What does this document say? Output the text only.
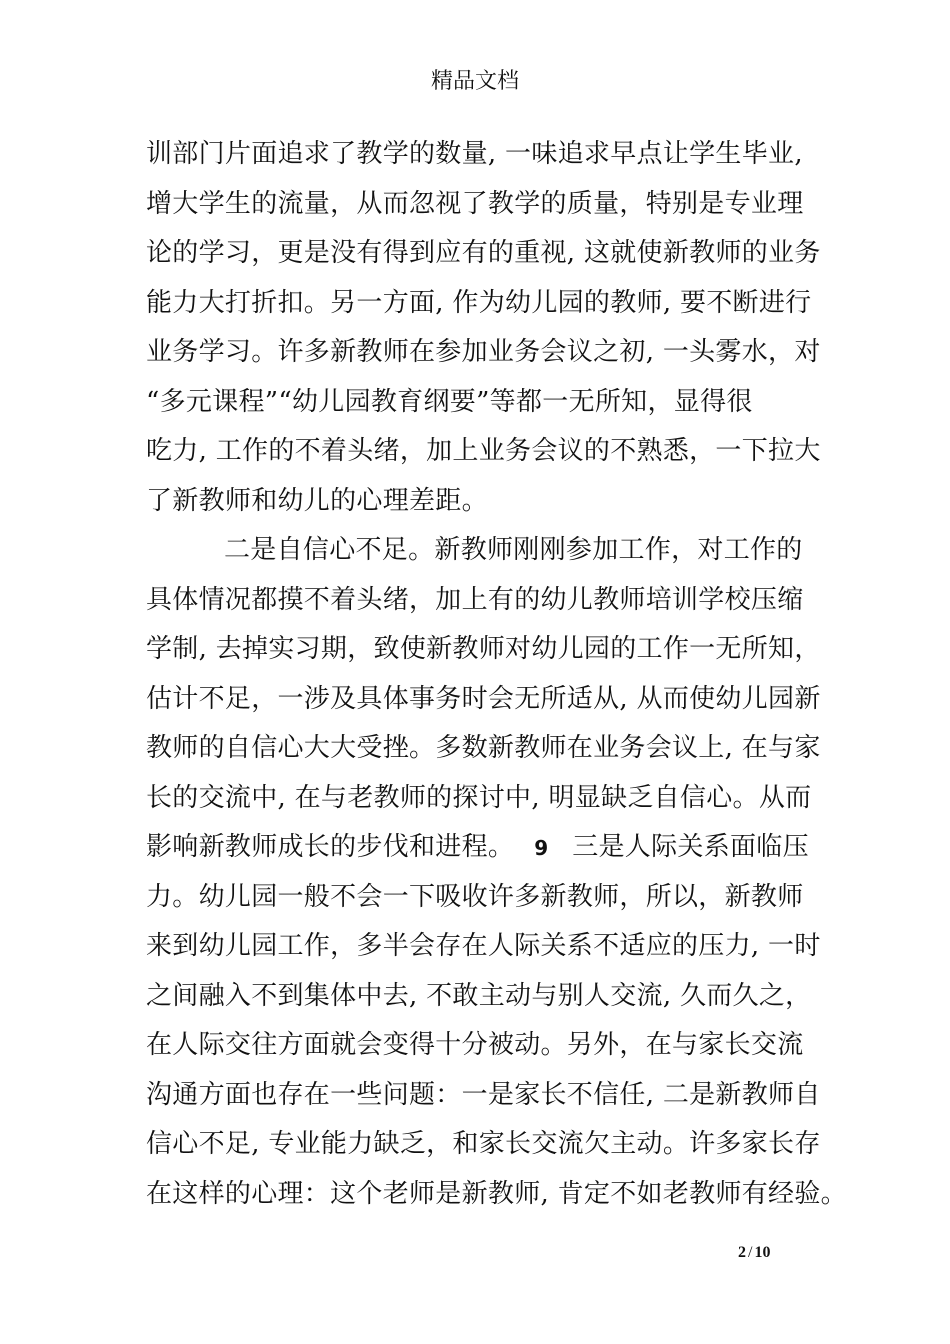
精品文档
训部门片面追求了教学的数量, 一味追求早点让学生毕业,
增大学生的流量，从而忽视了教学的质量，特别是专业理
论的学习，更是没有得到应有的重视, 这就使新教师的业务
能力大打折扣。另一方面, 作为幼儿园的教师, 要不断进行
业务学习。许多新教师在参加业务会议之初, 一头雾水，对
“多元课程”“幼儿园教育纲要”等都一无所知，显得很
吃力, 工作的不着头绪，加上业务会议的不熟悉，一下拉大
了新教师和幼儿的心理差距。
二是自信心不足。新教师刚刚参加工作，对工作的
具体情况都摸不着头绪，加上有的幼儿教师培训学校压缩
学制, 去掉实习期，致使新教师对幼儿园的工作一无所知，
估计不足，一涉及具体事务时会无所适从, 从而使幼儿园新
教师的自信心大大受挫。多数新教师在业务会议上, 在与家
长的交流中, 在与老教师的探讨中, 明显缺乏自信心。从而
影响新教师成长的步伐和进程。 9 三是人际关系面临压
力。幼儿园一般不会一下吸收许多新教师，所以，新教师
来到幼儿园工作，多半会存在人际关系不适应的压力, 一时
之间融入不到集体中去, 不敢主动与别人交流, 久而久之，
在人际交往方面就会变得十分被动。另外，在与家长交流
沟通方面也存在一些问题：一是家长不信任, 二是新教师自
信心不足, 专业能力缺乏，和家长交流欠主动。许多家长存
在这样的心理：这个老师是新教师, 肯定不如老教师有经验。
2 / 10
